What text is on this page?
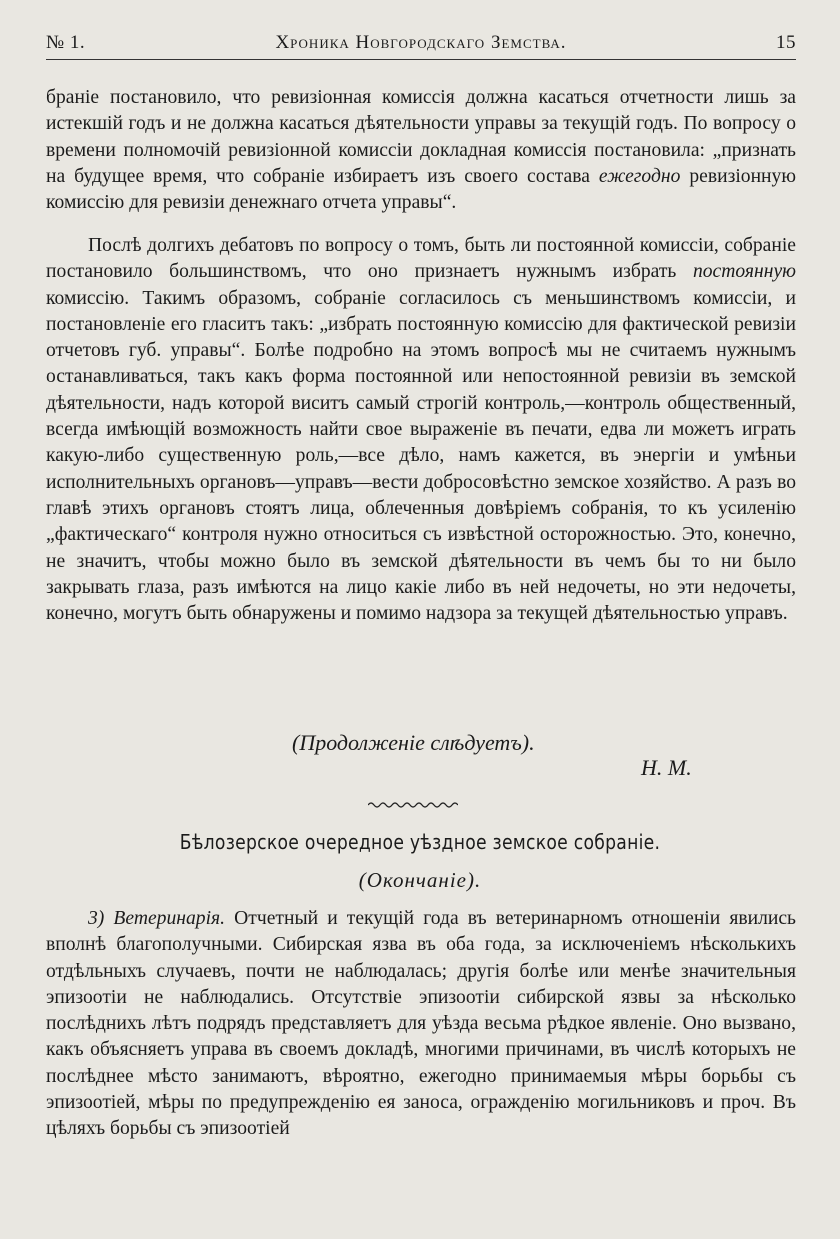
№ 1.	Хроника Новгородскаго Земства.	15

браніе постановило, что ревизіонная комиссія должна касаться отчетности лишь за истекшій годъ и не должна касаться дѣятельности управы за текущій годъ. По вопросу о времени полномочій ревизіонной комиссіи докладная комиссія постановила: „признать на будущее время, что собраніе избираетъ изъ своего состава ежегодно ревизіонную комиссію для ревизіи денежнаго отчета управы“.

Послѣ долгихъ дебатовъ по вопросу о томъ, быть ли постоянной комиссіи, собраніе постановило большинствомъ, что оно признаетъ нужнымъ избрать постоянную комиссію. Такимъ образомъ, собраніе согласилось съ меньшинствомъ комиссіи, и постановленіе его гласитъ такъ: „избрать постоянную комиссію для фактической ревизіи отчетовъ губ. управы“. Болѣе подробно на этомъ вопросѣ мы не считаемъ нужнымъ останавливаться, такъ какъ форма постоянной или непостоянной ревизіи въ земской дѣятельности, надъ которой виситъ самый строгій контроль,—контроль общественный, всегда имѣющій возможность найти свое выраженіе въ печати, едва ли можетъ играть какую-либо существенную роль,—все дѣло, намъ кажется, въ энергіи и умѣньи исполнительныхъ органовъ—управъ—вести добросовѣстно земское хозяйство. А разъ во главѣ этихъ органовъ стоятъ лица, облеченныя довѣріемъ собранія, то къ усиленію „фактическаго“ контроля нужно относиться съ извѣстной осторожностью. Это, конечно, не значитъ, чтобы можно было въ земской дѣятельности въ чемъ бы то ни было закрывать глаза, разъ имѣются на лицо какіе либо въ ней недочеты, но эти недочеты, конечно, могутъ быть обнаружены и помимо надзора за текущей дѣятельностью управъ.

(Продолженіе слѣдуетъ).
Н. М.
Бѣлозерское очередное уѣздное земское собраніе.
(Окончаніе).

3) Ветеринарія. Отчетный и текущій года въ ветеринарномъ отношеніи явились вполнѣ благополучными. Сибирская язва въ оба года, за исключеніемъ нѣсколькихъ отдѣльныхъ случаевъ, почти не наблюдалась; другія болѣе или менѣе значительныя эпизоотіи не наблюдались. Отсутствіе эпизоотіи сибирской язвы за нѣсколько послѣднихъ лѣтъ подрядъ представляетъ для уѣзда весьма рѣдкое явленіе. Оно вызвано, какъ объясняетъ управа въ своемъ докладѣ, многими причинами, въ числѣ которыхъ не послѣднее мѣсто занимаютъ, вѣроятно, ежегодно принимаемыя мѣры борьбы съ эпизоотіей, мѣры по предупрежденію ея заноса, огражденію могильниковъ и проч. Въ цѣляхъ борьбы съ эпизоотіей
